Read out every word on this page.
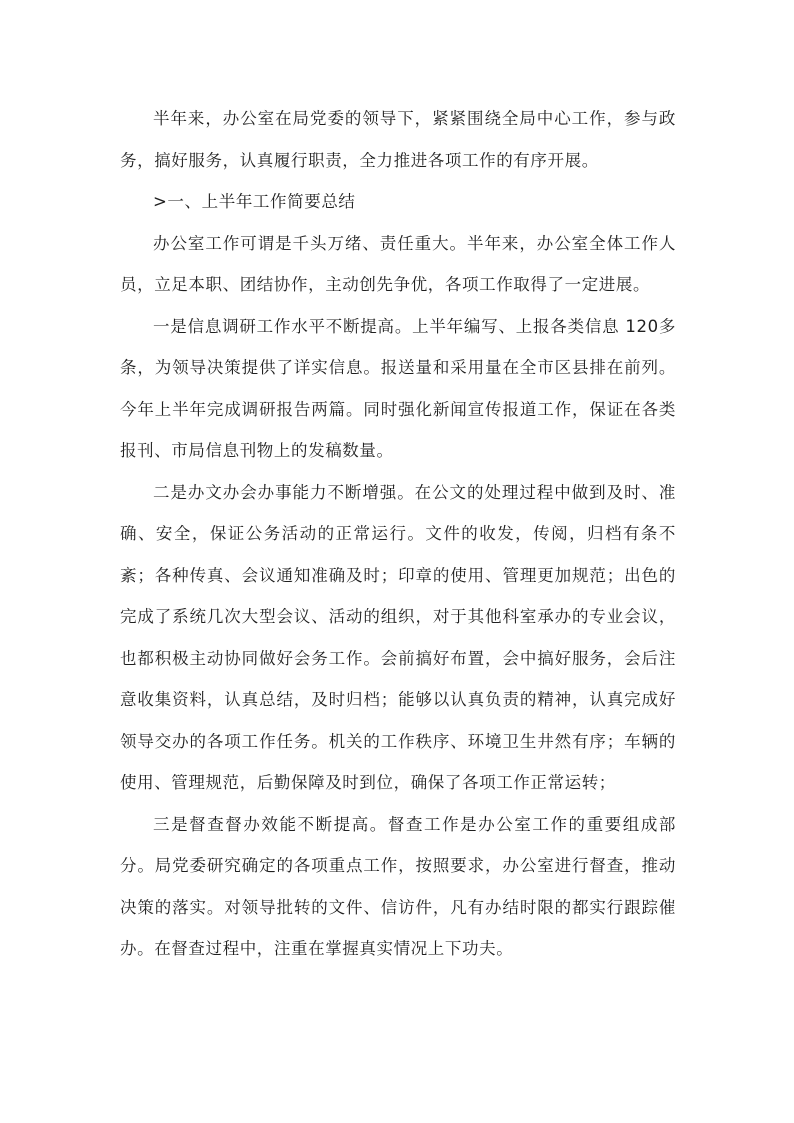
半年来，办公室在局党委的领导下，紧紧围绕全局中心工作，参与政务，搞好服务，认真履行职责，全力推进各项工作的有序开展。

>一、上半年工作简要总结

办公室工作可谓是千头万绪、责任重大。半年来，办公室全体工作人员，立足本职、团结协作，主动创先争优，各项工作取得了一定进展。

一是信息调研工作水平不断提高。上半年编写、上报各类信息 120多条，为领导决策提供了详实信息。报送量和采用量在全市区县排在前列。今年上半年完成调研报告两篇。同时强化新闻宣传报道工作，保证在各类报刊、市局信息刊物上的发稿数量。

二是办文办会办事能力不断增强。在公文的处理过程中做到及时、准确、安全，保证公务活动的正常运行。文件的收发，传阅，归档有条不紊；各种传真、会议通知准确及时；印章的使用、管理更加规范；出色的完成了系统几次大型会议、活动的组织，对于其他科室承办的专业会议，也都积极主动协同做好会务工作。会前搞好布置，会中搞好服务，会后注意收集资料，认真总结，及时归档；能够以认真负责的精神，认真完成好领导交办的各项工作任务。机关的工作秩序、环境卫生井然有序；车辆的使用、管理规范，后勤保障及时到位，确保了各项工作正常运转；

三是督查督办效能不断提高。督查工作是办公室工作的重要组成部分。局党委研究确定的各项重点工作，按照要求，办公室进行督查，推动决策的落实。对领导批转的文件、信访件，凡有办结时限的都实行跟踪催办。在督查过程中，注重在掌握真实情况上下功夫。
